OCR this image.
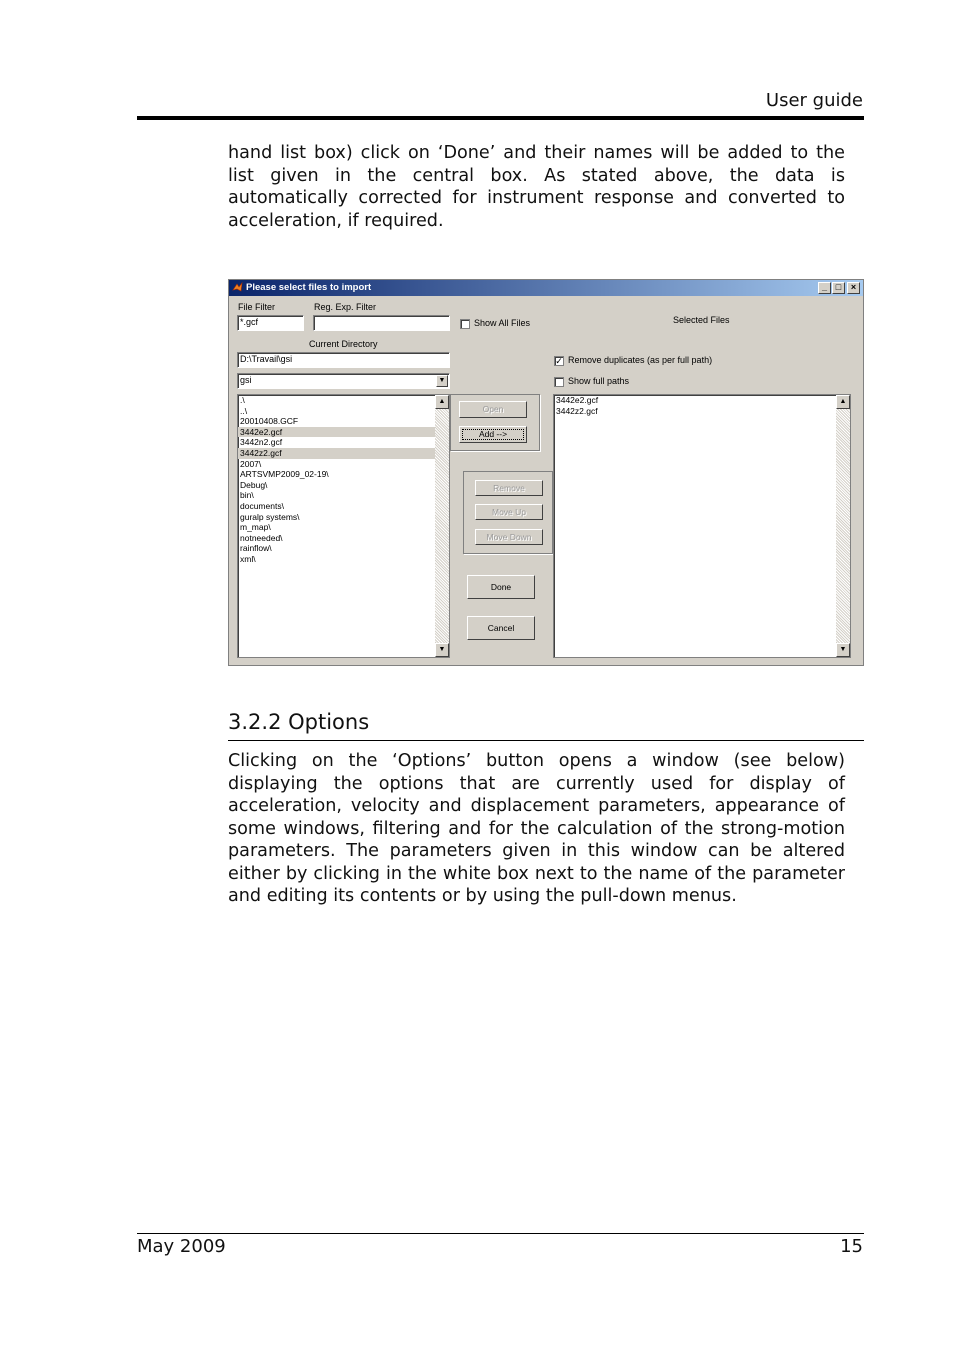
User guide

hand list box) click on ‘Done’ and their names will be added to the list given in the central box. As stated above, the data is automatically corrected for instrument response and converted to acceleration, if required.

Please select files to import	_ □	×
File Filter	Reg. Exp. Filter
*.gcf	Show All Files	Selected Files
Current Directory
D:\Travail\gsi	✓ Remove duplicates (as per full path)
gsi	▼	Show full paths
.\
..\
20010408.GCF
3442e2.gcf
3442n2.gcf
3442z2.gcf
2007\
ARTSVMP2009_02-19\
Debug\
bin\
documents\
guralp systems\
m_map\
notneeded\
rainflow\
xml\
▲
▼
Open
Add -->
Remove
Move Up
Move Down
Done
Cancel
3442e2.gcf
3442z2.gcf
▲
▼
3.2.2 Options

Clicking on the ‘Options’ button opens a window (see below) displaying the options that are currently used for display of acceleration, velocity and displacement parameters, appearance of some windows, filtering and for the calculation of the strong-motion parameters. The parameters given in this window can be altered either by clicking in the white box next to the name of the parameter and editing its contents or by using the pull-down menus.

May 2009	15
